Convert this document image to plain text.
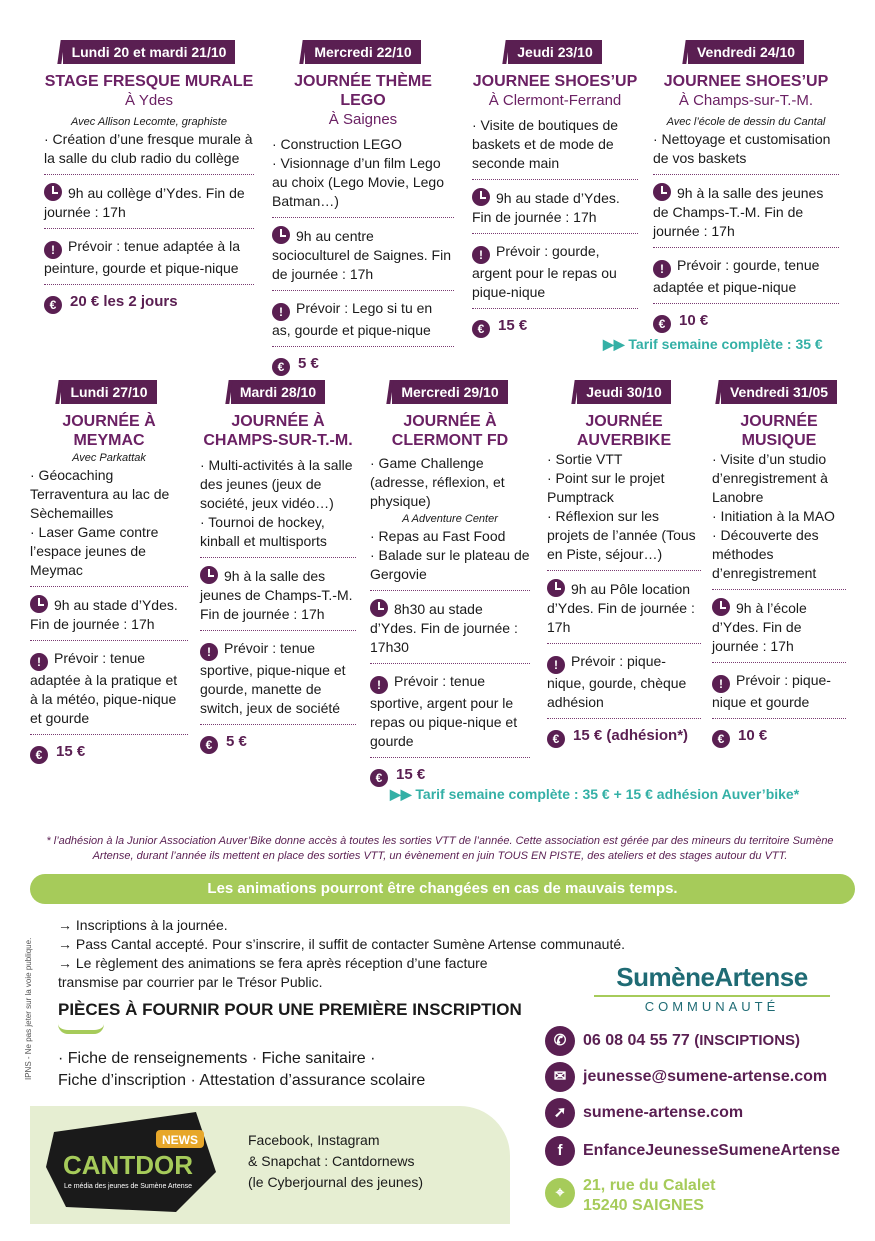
Lundi 20 et mardi 21/10
STAGE FRESQUE MURALE
À Ydes
Avec Allison Lecomte, graphiste
· Création d’une fresque murale à la salle du club radio du collège
9h au collège d’Ydes. Fin de journée : 17h
! Prévoir : tenue adaptée à la peinture, gourde et pique-nique
€ 20 € les 2 jours
Mercredi 22/10
JOURNÉE THÈME LEGO
À Saignes
· Construction LEGO
· Visionnage d’un film Lego au choix (Lego Movie, Lego Batman…)
9h au centre socioculturel de Saignes. Fin de journée : 17h
! Prévoir : Lego si tu en as, gourde et pique-nique
€ 5 €
Jeudi 23/10
JOURNEE SHOES’UP
À Clermont-Ferrand
· Visite de boutiques de baskets et de mode de seconde main
9h au stade d’Ydes. Fin de journée : 17h
! Prévoir : gourde, argent pour le repas ou pique-nique
€ 15 €
Vendredi 24/10
JOURNEE SHOES’UP
À Champs-sur-T.-M.
Avec l’école de dessin du Cantal
· Nettoyage et customisation de vos baskets
9h à la salle des jeunes de Champs-T.-M. Fin de journée : 17h
! Prévoir : gourde, tenue adaptée et pique-nique
€ 10 €
▶▶ Tarif semaine complète : 35 €
Lundi 27/10
JOURNÉE À MEYMAC
Avec Parkattak
· Géocaching Terraventura au lac de Sèchemailles
· Laser Game contre l’espace jeunes de Meymac
9h au stade d’Ydes. Fin de journée : 17h
! Prévoir : tenue adaptée à la pratique et à la météo, pique-nique et gourde
€ 15 €
Mardi 28/10
JOURNÉE À CHAMPS-SUR-T.-M.
· Multi-activités à la salle des jeunes (jeux de société, jeux vidéo…)
· Tournoi de hockey, kinball et multisports
9h à la salle des jeunes de Champs-T.-M. Fin de journée : 17h
! Prévoir : tenue sportive, pique-nique et gourde, manette de switch, jeux de société
€ 5 €
Mercredi 29/10
JOURNÉE À CLERMONT FD
· Game Challenge (adresse, réflexion, et physique)
A Adventure Center
· Repas au Fast Food
· Balade sur le plateau de Gergovie
8h30 au stade d’Ydes. Fin de journée : 17h30
! Prévoir : tenue sportive, argent pour le repas ou pique-nique et gourde
€ 15 €
Jeudi 30/10
JOURNÉE AUVERBIKE
· Sortie VTT
· Point sur le projet Pumptrack
· Réflexion sur les projets de l’année (Tous en Piste, séjour…)
9h au Pôle location d’Ydes. Fin de journée : 17h
! Prévoir : pique-nique, gourde, chèque adhésion
€ 15 € (adhésion*)
Vendredi 31/05
JOURNÉE MUSIQUE
· Visite d’un studio d’enregistrement à Lanobre
· Initiation à la MAO
· Découverte des méthodes d’enregistrement
9h à l’école d’Ydes. Fin de journée : 17h
! Prévoir : pique-nique et gourde
€ 10 €
▶▶ Tarif semaine complète : 35 € + 15 € adhésion Auver’bike*
* l’adhésion à la Junior Association Auver’Bike donne accès à toutes les sorties VTT de l’année. Cette association est gérée par des mineurs du territoire Sumène Artense, durant l’année ils mettent en place des sorties VTT, un évènement en juin TOUS EN PISTE, des ateliers et des stages autour du VTT.
Les animations pourront être changées en cas de mauvais temps.
IPNS - Ne pas jeter sur la voie publique.
→ Inscriptions à la journée.
→ Pass Cantal accepté. Pour s’inscrire, il suffit de contacter Sumène Artense communauté.
→ Le règlement des animations se fera après réception d’une facture transmise par courrier par le Trésor Public.
PIÈCES À FOURNIR POUR UNE PREMIÈRE INSCRIPTION
· Fiche de renseignements · Fiche sanitaire ·
Fiche d’inscription · Attestation d’assurance scolaire
NEWS
CANTDOR
Le média des jeunes de Sumène Artense
Facebook, Instagram
& Snapchat : Cantdornews
(le Cyberjournal des jeunes)
SumèneArtense
COMMUNAUTÉ
✆ 06 08 04 55 77 (INSCIPTIONS)
✉ jeunesse@sumene-artense.com
➚ sumene-artense.com
f EnfanceJeunesseSumeneArtense
⌖ 21, rue du Calalet
15240 SAIGNES
